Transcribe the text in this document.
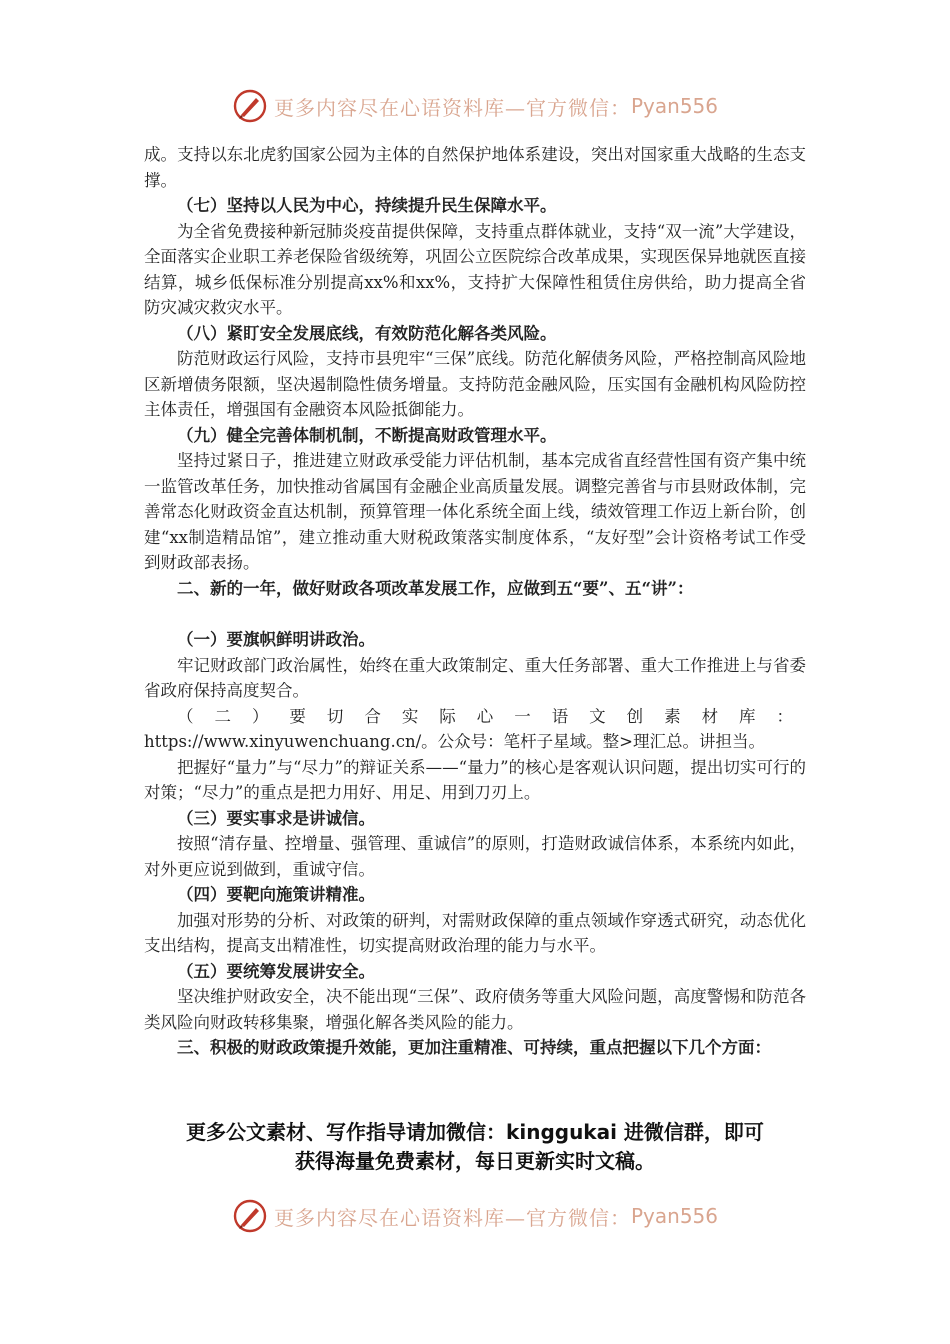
更多内容尽在心语资料库—官方微信： Pyan556

成。支持以东北虎豹国家公园为主体的自然保护地体系建设，突出对国家重大战略的生态支撑。

（七）坚持以人民为中心，持续提升民生保障水平。

为全省免费接种新冠肺炎疫苗提供保障，支持重点群体就业，支持“双一流”大学建设，全面落实企业职工养老保险省级统筹，巩固公立医院综合改革成果，实现医保异地就医直接结算，城乡低保标准分别提高xx%和xx%，支持扩大保障性租赁住房供给，助力提高全省防灾减灾救灾水平。

（八）紧盯安全发展底线，有效防范化解各类风险。

防范财政运行风险，支持市县兜牢“三保”底线。防范化解债务风险，严格控制高风险地区新增债务限额，坚决遏制隐性债务增量。支持防范金融风险，压实国有金融机构风险防控主体责任，增强国有金融资本风险抵御能力。

（九）健全完善体制机制，不断提高财政管理水平。

坚持过紧日子，推进建立财政承受能力评估机制，基本完成省直经营性国有资产集中统一监管改革任务，加快推动省属国有金融企业高质量发展。调整完善省与市县财政体制，完善常态化财政资金直达机制，预算管理一体化系统全面上线，绩效管理工作迈上新台阶，创建“xx制造精品馆”，建立推动重大财税政策落实制度体系，“友好型”会计资格考试工作受到财政部表扬。

二、新的一年，做好财政各项改革发展工作，应做到五“要”、五“讲”：

（一）要旗帜鲜明讲政治。

牢记财政部门政治属性，始终在重大政策制定、重大任务部署、重大工作推进上与省委省政府保持高度契合。

（二）要切合实际心一语文创素材库：https://www.xinyuwenchuang.cn/。公众号：笔杆子星域。整>理汇总。讲担当。

把握好“量力”与“尽力”的辩证关系——“量力”的核心是客观认识问题，提出切实可行的对策；“尽力”的重点是把力用好、用足、用到刀刃上。

（三）要实事求是讲诚信。

按照“清存量、控增量、强管理、重诚信”的原则，打造财政诚信体系，本系统内如此，对外更应说到做到，重诚守信。

（四）要靶向施策讲精准。

加强对形势的分析、对政策的研判，对需财政保障的重点领域作穿透式研究，动态优化支出结构，提高支出精准性，切实提高财政治理的能力与水平。

（五）要统筹发展讲安全。

坚决维护财政安全，决不能出现“三保”、政府债务等重大风险问题，高度警惕和防范各类风险向财政转移集聚，增强化解各类风险的能力。

三、积极的财政政策提升效能，更加注重精准、可持续，重点把握以下几个方面：

更多公文素材、写作指导请加微信：kinggukai 进微信群，即可
获得海量免费素材，每日更新实时文稿。
更多内容尽在心语资料库—官方微信： Pyan556
